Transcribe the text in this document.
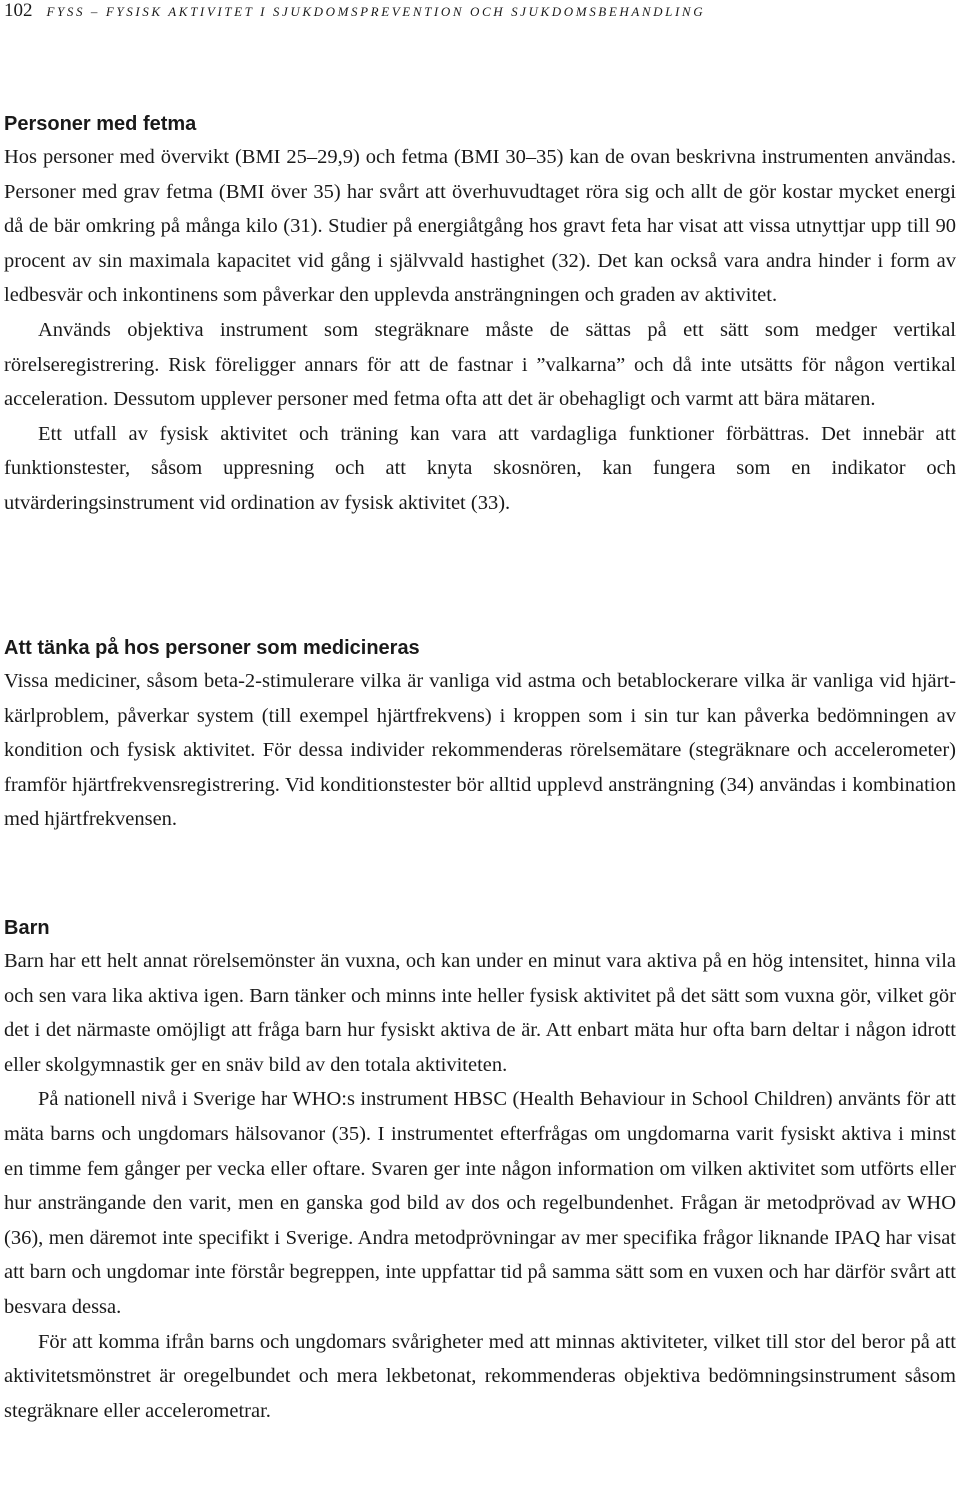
102 FYSS – FYSISK AKTIVITET I SJUKDOMSPREVENTION OCH SJUKDOMSBEHANDLING
Personer med fetma

Hos personer med övervikt (BMI 25–29,9) och fetma (BMI 30–35) kan de ovan beskrivna instrumenten användas. Personer med grav fetma (BMI över 35) har svårt att överhuvudtaget röra sig och allt de gör kostar mycket energi då de bär omkring på många kilo (31). Studier på energiåtgång hos gravt feta har visat att vissa utnyttjar upp till 90 procent av sin maximala kapacitet vid gång i självvald hastighet (32). Det kan också vara andra hinder i form av ledbesvär och inkontinens som påverkar den upplevda ansträngningen och graden av aktivitet.

Används objektiva instrument som stegräknare måste de sättas på ett sätt som medger vertikal rörelseregistrering. Risk föreligger annars för att de fastnar i ”valkarna” och då inte utsätts för någon vertikal acceleration. Dessutom upplever personer med fetma ofta att det är obehagligt och varmt att bära mätaren.

Ett utfall av fysisk aktivitet och träning kan vara att vardagliga funktioner förbättras. Det innebär att funktionstester, såsom uppresning och att knyta skosnören, kan fungera som en indikator och utvärderingsinstrument vid ordination av fysisk aktivitet (33).

Att tänka på hos personer som medicineras

Vissa mediciner, såsom beta-2-stimulerare vilka är vanliga vid astma och betablockerare vilka är vanliga vid hjärt-kärlproblem, påverkar system (till exempel hjärtfrekvens) i kroppen som i sin tur kan påverka bedömningen av kondition och fysisk aktivitet. För dessa individer rekommenderas rörelsemätare (stegräknare och accelerometer) framför hjärtfrekvensregistrering. Vid konditionstester bör alltid upplevd ansträngning (34) användas i kombination med hjärtfrekvensen.

Barn

Barn har ett helt annat rörelsemönster än vuxna, och kan under en minut vara aktiva på en hög intensitet, hinna vila och sen vara lika aktiva igen. Barn tänker och minns inte heller fysisk aktivitet på det sätt som vuxna gör, vilket gör det i det närmaste omöjligt att fråga barn hur fysiskt aktiva de är. Att enbart mäta hur ofta barn deltar i någon idrott eller skolgymnastik ger en snäv bild av den totala aktiviteten.

På nationell nivå i Sverige har WHO:s instrument HBSC (Health Behaviour in School Children) använts för att mäta barns och ungdomars hälsovanor (35). I instrumentet efterfrågas om ungdomarna varit fysiskt aktiva i minst en timme fem gånger per vecka eller oftare. Svaren ger inte någon information om vilken aktivitet som utförts eller hur ansträngande den varit, men en ganska god bild av dos och regelbundenhet. Frågan är metodprövad av WHO (36), men däremot inte specifikt i Sverige. Andra metodprövningar av mer specifika frågor liknande IPAQ har visat att barn och ungdomar inte förstår begreppen, inte uppfattar tid på samma sätt som en vuxen och har därför svårt att besvara dessa.

För att komma ifrån barns och ungdomars svårigheter med att minnas aktiviteter, vilket till stor del beror på att aktivitetsmönstret är oregelbundet och mera lekbetonat, rekommenderas objektiva bedömningsinstrument såsom stegräknare eller accelerometrar.
